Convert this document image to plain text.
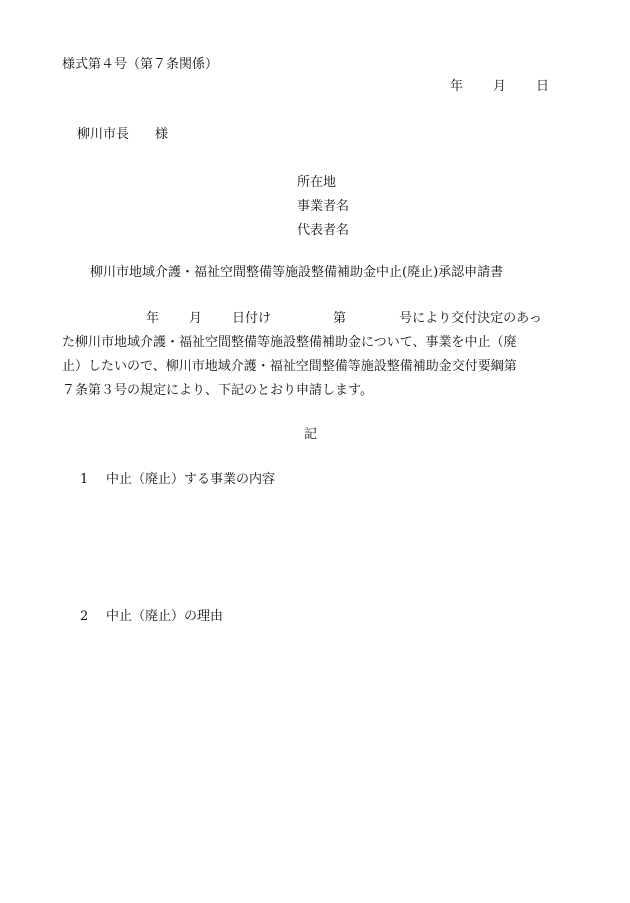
様式第４号（第７条関係）
年 月 日
柳川市長 様
所在地
事業者名
代表者名
柳川市地域介護・福祉空間整備等施設整備補助金中止(廃止)承認申請書
年 月 日付け	第	号により交付決定のあっ
た柳川市地域介護・福祉空間整備等施設整備補助金について、事業を中止（廃
止）したいので、柳川市地域介護・福祉空間整備等施設整備補助金交付要綱第
７条第３号の規定により、下記のとおり申請します。
記
1 中止（廃止）する事業の内容
2 中止（廃止）の理由
